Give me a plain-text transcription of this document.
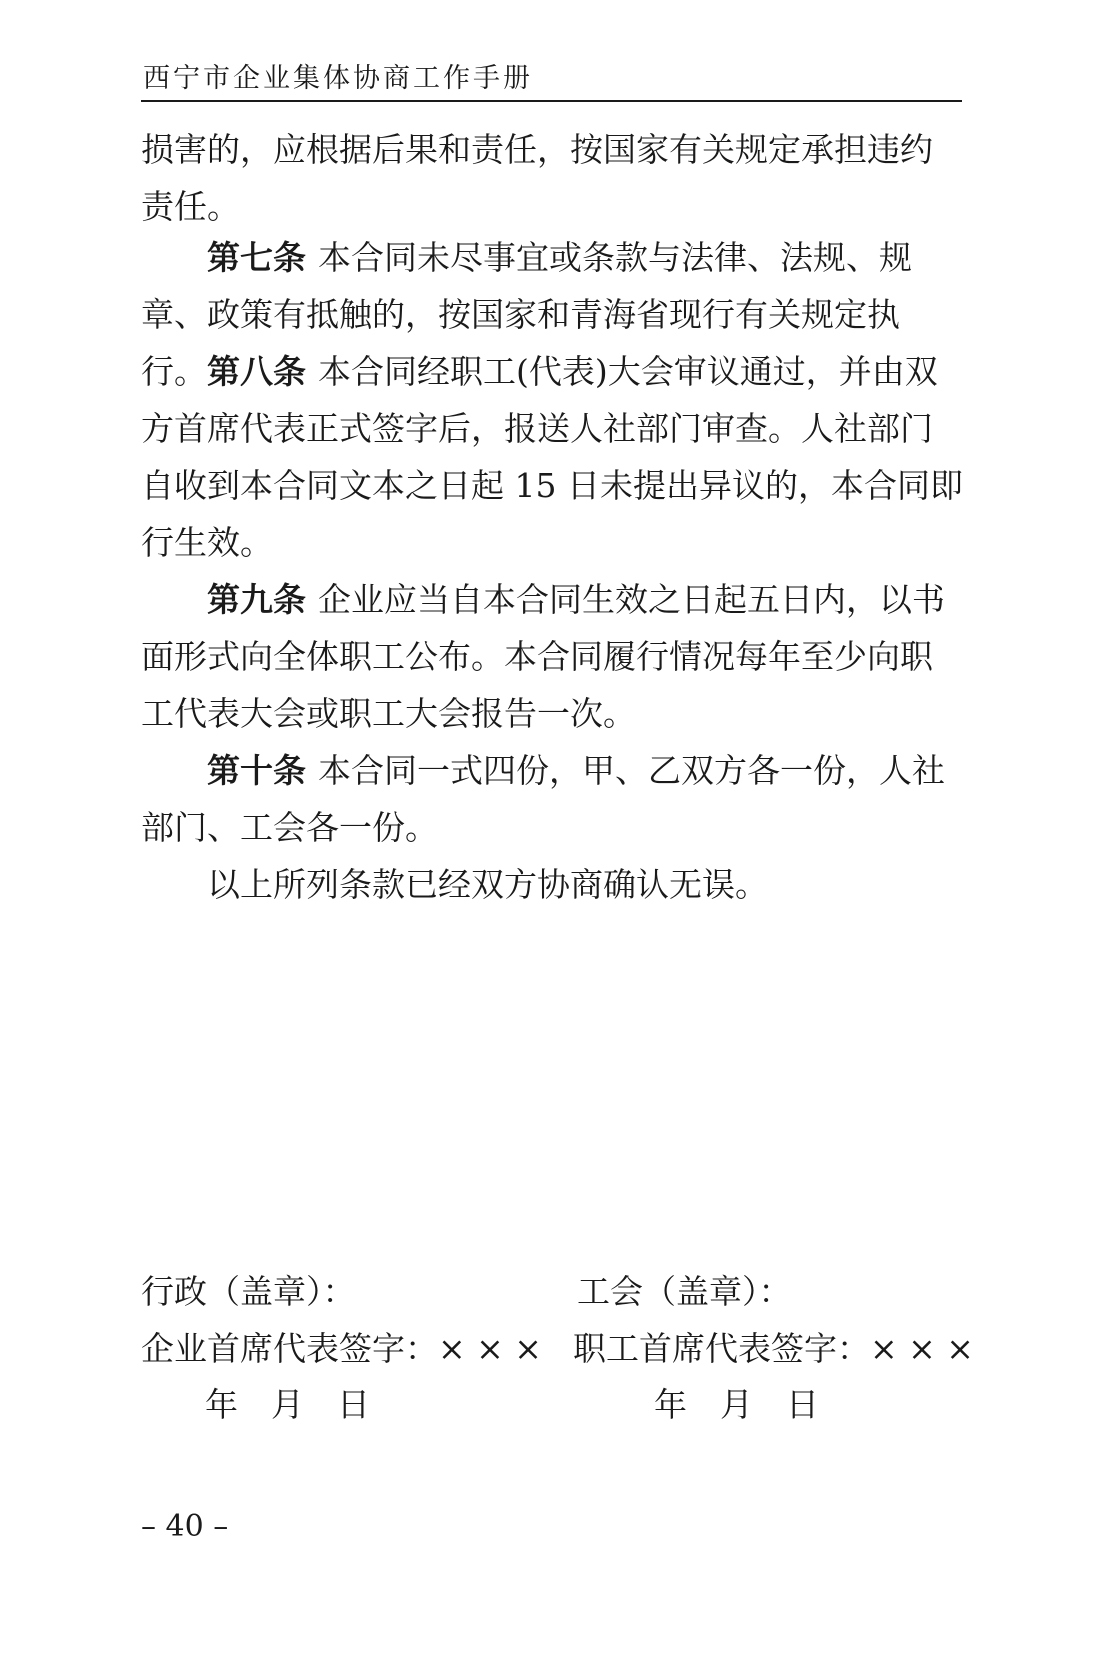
西宁市企业集体协商工作手册

损害的，应根据后果和责任，按国家有关规定承担违约责任。

第七条 本合同未尽事宜或条款与法律、法规、规章、政策有抵触的，按国家和青海省现行有关规定执行。 第八条 本合同经职工(代表)大会审议通过，并由双方首席代表正式签字后，报送人社部门审查。人社部门自收到本合同文本之日起 15 日未提出异议的，本合同即行生效。

第九条 企业应当自本合同生效之日起五日内，以书面形式向全体职工公布。本合同履行情况每年至少向职工代表大会或职工大会报告一次。

第十条 本合同一式四份，甲、乙双方各一份，人社部门、工会各一份。

以上所列条款已经双方协商确认无误。

行政（盖章）：
企业首席代表签字：× × ×
年　月　日
工会（盖章）：
职工首席代表签字：× × ×
年　月　日
– 40 –
